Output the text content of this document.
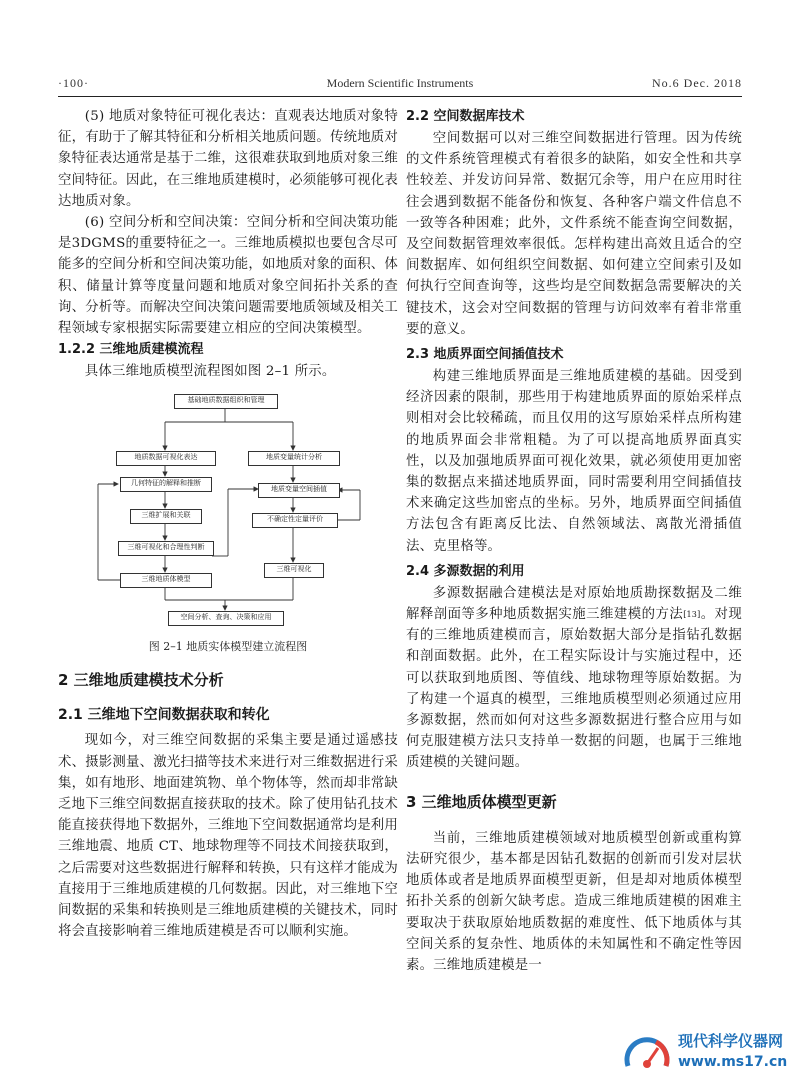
·100·	Modern Scientific Instruments	No.6 Dec. 2018

(5) 地质对象特征可视化表达：直观表达地质对象特征，有助于了解其特征和分析相关地质问题。传统地质对象特征表达通常是基于二维，这很难获取到地质对象三维空间特征。因此，在三维地质建模时，必须能够可视化表达地质对象。

(6) 空间分析和空间决策：空间分析和空间决策功能是3DGMS的重要特征之一。三维地质模拟也要包含尽可能多的空间分析和空间决策功能，如地质对象的面积、体积、储量计算等度量问题和地质对象空间拓扑关系的查询、分析等。而解决空间决策问题需要地质领域及相关工程领域专家根据实际需要建立相应的空间决策模型。

1.2.2 三维地质建模流程

具体三维地质模型流程图如图 2–1 所示。

基础地质数据组织和管理
地质数据可视化表达
几何特征的解释和推断
三维扩展和关联
三维可视化和合理性判断
三维地质体模型
地质变量统计分析
地质变量空间插值
不确定性定量评价
三维可视化
空间分析、查询、决策和应用
图 2–1 地质实体模型建立流程图
2 三维地质建模技术分析
2.1 三维地下空间数据获取和转化

现如今，对三维空间数据的采集主要是通过遥感技术、摄影测量、激光扫描等技术来进行对三维数据进行采集，如有地形、地面建筑物、单个物体等，然而却非常缺乏地下三维空间数据直接获取的技术。除了使用钻孔技术能直接获得地下数据外，三维地下空间数据通常均是利用三维地震、地质 CT、地球物理等不同技术间接获取到，之后需要对这些数据进行解释和转换，只有这样才能成为直接用于三维地质建模的几何数据。因此，对三维地下空间数据的采集和转换则是三维地质建模的关键技术，同时将会直接影响着三维地质建模是否可以顺利实施。

2.2 空间数据库技术

空间数据可以对三维空间数据进行管理。因为传统的文件系统管理模式有着很多的缺陷，如安全性和共享性较差、并发访问异常、数据冗余等，用户在应用时往往会遇到数据不能备份和恢复、各种客户端文件信息不一致等各种困难；此外，文件系统不能查询空间数据，及空间数据管理效率很低。怎样构建出高效且适合的空间数据库、如何组织空间数据、如何建立空间索引及如何执行空间查询等，这些均是空间数据急需要解决的关键技术，这会对空间数据的管理与访问效率有着非常重要的意义。

2.3 地质界面空间插值技术

构建三维地质界面是三维地质建模的基础。因受到经济因素的限制，那些用于构建地质界面的原始采样点则相对会比较稀疏，而且仅用的这写原始采样点所构建的地质界面会非常粗糙。为了可以提高地质界面真实性，以及加强地质界面可视化效果，就必须使用更加密集的数据点来描述地质界面，同时需要利用空间插值技术来确定这些加密点的坐标。另外，地质界面空间插值方法包含有距离反比法、自然领域法、离散光滑插值法、克里格等。

2.4 多源数据的利用

多源数据融合建模法是对原始地质勘探数据及二维解释剖面等多种地质数据实施三维建模的方法[13]。对现有的三维地质建模而言，原始数据大部分是指钻孔数据和剖面数据。此外，在工程实际设计与实施过程中，还可以获取到地质图、等值线、地球物理等原始数据。为了构建一个逼真的模型，三维地质模型则必须通过应用多源数据，然而如何对这些多源数据进行整合应用与如何克服建模方法只支持单一数据的问题，也属于三维地质建模的关键问题。

3 三维地质体模型更新

当前，三维地质建模领域对地质模型创新或重构算法研究很少，基本都是因钻孔数据的创新而引发对层状地质体或者是地质界面模型更新，但是却对地质体模型拓扑关系的创新欠缺考虑。造成三维地质建模的困难主要取决于获取原始地质数据的难度性、低下地质体与其空间关系的复杂性、地质体的未知属性和不确定性等因素。三维地质建模是一

现代科学仪器网
www.ms17.cn
